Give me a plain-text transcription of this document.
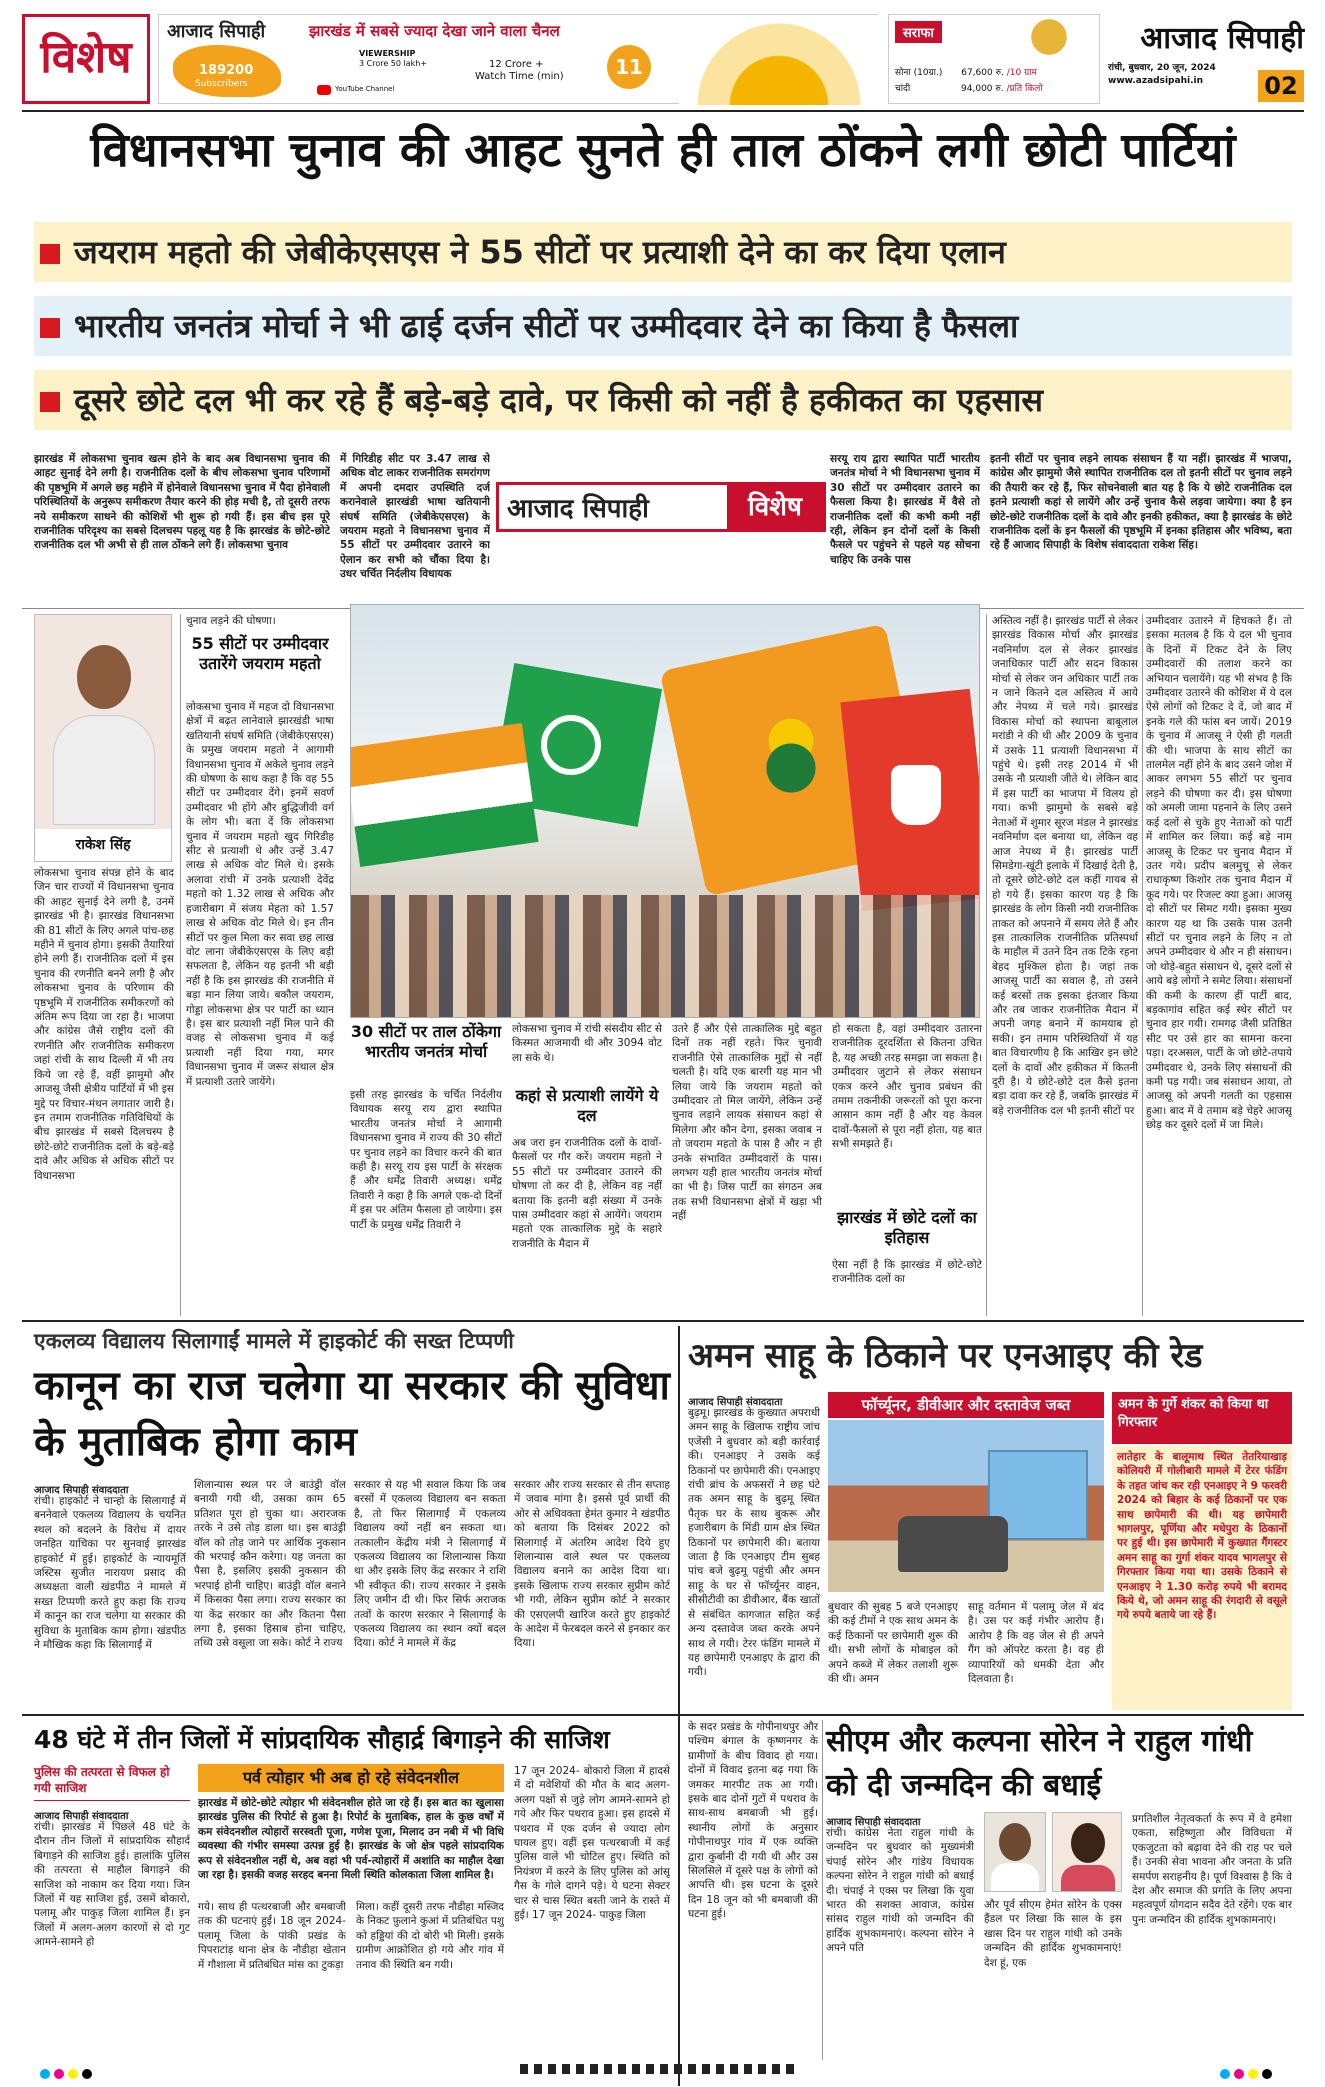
विशेष
आजाद सिपाही
189200
Subscribers
झारखंड में सबसे ज्यादा देखा जाने वाला चैनल
VIEWERSHIP
3 Crore 50 lakh+
YouTube Channel
12 Crore +
Watch Time (min)	11
सराफा
सोना (10ग्रा.) 67,600 रु. /10 ग्राम
चांदी	94,000 रु. /प्रति किलो
आजाद सिपाही
रांची, बुधवार, 20 जून, 2024
www.azadsipahi.in	02
विधानसभा चुनाव की आहट सुनते ही ताल ठोंकने लगी छोटी पार्टियां
जयराम महतो की जेबीकेएसएस ने 55 सीटों पर प्रत्याशी देने का कर दिया एलान
भारतीय जनतंत्र मोर्चा ने भी ढाई दर्जन सीटों पर उम्मीदवार देने का किया है फैसला
दूसरे छोटे दल भी कर रहे हैं बड़े-बड़े दावे, पर किसी को नहीं है हकीकत का एहसास
झारखंड में लोकसभा चुनाव खत्म होने के बाद अब विधानसभा चुनाव की आहट सुनाई देने लगी है। राजनीतिक दलों के बीच लोकसभा चुनाव परिणामों की पृष्ठभूमि में अगले छह महीने में होनेवाले विधानसभा चुनाव में पैदा होनेवाली परिस्थितियों के अनुरूप समीकरण तैयार करने की होड़ मची है, तो दूसरी तरफ नये समीकरण साधने की कोशिशें भी शुरू हो गयी हैं। इस बीच इस पूरे राजनीतिक परिदृश्य का सबसे दिलचस्प पहलू यह है कि झारखंड के छोटे-छोटे राजनीतिक दल भी अभी से ही ताल ठोंकने लगे हैं। लोकसभा चुनाव
में गिरिडीह सीट पर 3.47 लाख से अधिक वोट लाकर राजनीतिक समरांगण में अपनी दमदार उपस्थिति दर्ज करानेवाले झारखंडी भाषा खतियानी संघर्ष समिति (जेबीकेएसएस) के जयराम महतो ने विधानसभा चुनाव में 55 सीटों पर उम्मीदवार उतारने का ऐलान कर सभी को चौंका दिया है। उधर चर्चित निर्दलीय विधायक
आजाद सिपाही	विशेष
सरयू राय द्वारा स्थापित पार्टी भारतीय जनतंत्र मोर्चा ने भी विधानसभा चुनाव में 30 सीटों पर उम्मीदवार उतारने का फैसला किया है। झारखंड में वैसे तो राजनीतिक दलों की कभी कमी नहीं रही, लेकिन इन दोनों दलों के किसी फैसले पर पहुंचने से पहले यह सोचना चाहिए कि उनके पास
इतनी सीटों पर चुनाव लड़ने लायक संसाधन हैं या नहीं। झारखंड में भाजपा, कांग्रेस और झामुमो जैसे स्थापित राजनीतिक दल तो इतनी सीटों पर चुनाव लड़ने की तैयारी कर रहे हैं, फिर सोचनेवाली बात यह है कि ये छोटे राजनीतिक दल इतने प्रत्याशी कहां से लायेंगे और उन्हें चुनाव कैसे लड़वा जायेगा। क्या है इन छोटे-छोटे राजनीतिक दलों के दावे और इनकी हकीकत, क्या है झारखंड के छोटे राजनीतिक दलों के इन फैसलों की पृष्ठभूमि में इनका इतिहास और भविष्य, बता रहे हैं आजाद सिपाही के विशेष संवाददाता राकेश सिंह।
राकेश सिंह
लोकसभा चुनाव संपन्न होने के बाद जिन चार राज्यों में विधानसभा चुनाव की आहट सुनाई देने लगी है, उनमें झारखंड भी है। झारखंड विधानसभा की 81 सीटों के लिए अगले पांच-छह महीने में चुनाव होगा। इसकी तैयारियां होने लगी हैं। राजनीतिक दलों में इस चुनाव की रणनीति बनने लगी है और लोकसभा चुनाव के परिणाम की पृष्ठभूमि में राजनीतिक समीकरणों को अंतिम रूप दिया जा रहा है। भाजपा और कांग्रेस जैसे राष्ट्रीय दलों की रणनीति और राजनीतिक समीकरण जहां रांची के साथ दिल्ली में भी तय किये जा रहे हैं, वहीं झामुमो और आजसू जैसी क्षेत्रीय पार्टियों में भी इस मुद्दे पर विचार-मंथन लगातार जारी है। इन तमाम राजनीतिक गतिविधियों के बीच झारखंड में सबसे दिलचस्प है छोटे-छोटे राजनीतिक दलों के बड़े-बड़े दावे और अधिक से अधिक सीटों पर विधानसभा
चुनाव लड़ने की घोषणा।
55 सीटों पर उम्मीदवार उतारेंगे जयराम महतो
लोकसभा चुनाव में महज दो विधानसभा क्षेत्रों में बढ़त लानेवाले झारखंडी भाषा खतियानी संघर्ष समिति (जेबीकेएसएस) के प्रमुख जयराम महतो ने आगामी विधानसभा चुनाव में अकेले चुनाव लड़ने की घोषणा के साथ कहा है कि वह 55 सीटों पर उम्मीदवार देंगे। इनमें सवर्ण उम्मीदवार भी होंगे और बुद्धिजीवी वर्ग के लोग भी। बता दें कि लोकसभा चुनाव में जयराम महतो खुद गिरिडीह सीट से प्रत्याशी थे और उन्हें 3.47 लाख से अधिक वोट मिले थे। इसके अलावा रांची में उनके प्रत्याशी देवेंद्र महतो को 1.32 लाख से अधिक और हजारीबाग में संजय मेहता को 1.57 लाख से अधिक वोट मिले थे। इन तीन सीटों पर कुल मिला कर सवा छह लाख वोट लाना जेबीकेएसएस के लिए बड़ी सफलता है, लेकिन यह इतनी भी बड़ी नहीं है कि इस झारखंड की राजनीति में बड़ा मान लिया जाये। बकौल जयराम, गोड्डा लोकसभा क्षेत्र पर पार्टी का ध्यान है। इस बार प्रत्याशी नहीं मिल पाने की वजह से लोकसभा चुनाव में कई प्रत्याशी नहीं दिया गया, मगर विधानसभा चुनाव में जरूर संथाल क्षेत्र में प्रत्याशी उतारे जायेंगे।
30 सीटों पर ताल ठोंकेगा भारतीय जनतंत्र मोर्चा
इसी तरह झारखंड के चर्चित निर्दलीय विधायक सरयू राय द्वारा स्थापित भारतीय जनतंत्र मोर्चा ने आगामी विधानसभा चुनाव में राज्य की 30 सीटों पर चुनाव लड़ने का विचार करने की बात कही है। सरयू राय इस पार्टी के संरक्षक हैं और धर्मेंद्र तिवारी अध्यक्ष। धर्मेंद्र तिवारी ने कहा है कि अगले एक-दो दिनों में इस पर अंतिम फैसला हो जायेगा। इस पार्टी के प्रमुख धर्मेंद्र तिवारी ने
लोकसभा चुनाव में रांची संसदीय सीट से किस्मत आजमायी थी और 3094 वोट ला सके थे।
कहां से प्रत्याशी लायेंगे ये दल
अब जरा इन राजनीतिक दलों के दावों-फैसलों पर गौर करें। जयराम महतो ने 55 सीटों पर उम्मीदवार उतारने की घोषणा तो कर दी है, लेकिन वह नहीं बताया कि इतनी बड़ी संख्या में उनके पास उम्मीदवार कहां से आयेंगे। जयराम महतो एक तात्कालिक मुद्दे के सहारे राजनीति के मैदान में
उतरे हैं और ऐसे तात्कालिक मुद्दे बहुत दिनों तक नहीं रहते। फिर चुनावी राजनीति ऐसे तात्कालिक मुद्दों से नहीं चलती है। यदि एक बारगी यह मान भी लिया जाये कि जयराम महतो को उम्मीदवार तो मिल जायेंगे, लेकिन उन्हें चुनाव लड़ाने लायक संसाधन कहां से मिलेगा और कौन देगा, इसका जवाब न तो जयराम महतो के पास है और न ही उनके संभावित उम्मीदवारों के पास। लगभग यही हाल भारतीय जनतंत्र मोर्चा का भी है। जिस पार्टी का संगठन अब तक सभी विधानसभा क्षेत्रों में खड़ा भी नहीं
हो सकता है, वहां उम्मीदवार उतारना राजनीतिक दूरदर्शिता से कितना उचित है, यह अच्छी तरह समझा जा सकता है। उम्मीदवार जुटाने से लेकर संसाधन एकत्र करने और चुनाव प्रबंधन की तमाम तकनीकी जरूरतों को पूरा करना आसान काम नहीं है और यह केवल दावों-फैसलों से पूरा नहीं होता, यह बात सभी समझते हैं।
झारखंड में छोटे दलों का इतिहास
ऐसा नहीं है कि झारखंड में छोटे-छोटे राजनीतिक दलों का
अस्तित्व नहीं है। झारखंड पार्टी से लेकर झारखंड विकास मोर्चा और झारखंड नवनिर्माण दल से लेकर झारखंड जनाधिकार पार्टी और सदन विकास मोर्चा से लेकर जन अधिकार पार्टी तक न जाने कितने दल अस्तित्व में आये और नेपथ्य में चले गये। झारखंड विकास मोर्चा को स्थापना बाबूलाल मरांडी ने की थी और 2009 के चुनाव में उसके 11 प्रत्याशी विधानसभा में पहुंचे थे। इसी तरह 2014 में भी उसके नौ प्रत्याशी जीते थे। लेकिन बाद में इस पार्टी का भाजपा में विलय हो गया। कभी झामुमो के सबसे बड़े नेताओं में शुमार सूरज मंडल ने झारखंड नवनिर्माण दल बनाया था, लेकिन वह आज नेपथ्य में है। झारखंड पार्टी सिमडेगा-खूंटी इलाके में दिखाई देती है, तो दूसरे छोटे-छोटे दल कहीं गायब से हो गये हैं। इसका कारण यह है कि झारखंड के लोग किसी नयी राजनीतिक ताकत को अपनाने में समय लेते हैं और इस तात्कालिक राजनीतिक प्रतिस्पर्धा के माहौल में उतने दिन तक टिके रहना बेहद मुश्किल होता है। जहां तक आजसू पार्टी का सवाल है, तो उसने कई बरसों तक इसका इंतजार किया और तब जाकर राजनीतिक मैदान में अपनी जगह बनाने में कामयाब हो सकी। इन तमाम परिस्थितियों में यह बात विचारणीय है कि आखिर इन छोटे दलों के दावों और हकीकत में कितनी दूरी है। ये छोटे-छोटे दल कैसे इतना बड़ा दावा कर रहे हैं, जबकि झारखंड में बड़े राजनीतिक दल भी इतनी सीटों पर
उम्मीदवार उतारने में हिचकते हैं। तो इसका मतलब है कि ये दल भी चुनाव के दिनों में टिकट देने के लिए उम्मीदवारों की तलाश करने का अभियान चलायेंगे। यह भी संभव है कि उम्मीदवार उतारने की कोशिश में ये दल ऐसे लोगों को टिकट दे दें, जो बाद में इनके गले की फांस बन जायें। 2019 के चुनाव में आजसू ने ऐसी ही गलती की थी। भाजपा के साथ सीटों का तालमेल नहीं होने के बाद उसने जोश में आकर लगभग 55 सीटों पर चुनाव लड़ने की घोषणा कर दी। इस घोषणा को अमली जामा पहनाने के लिए उसने कई दलों से चुके हुए नेताओं को पार्टी में शामिल कर लिया। कई बड़े नाम आजसू के टिकट पर चुनाव मैदान में उतर गये। प्रदीप बलमुचू से लेकर राधाकृष्ण किशोर तक चुनाव मैदान में कूद गये। पर रिजल्ट क्या हुआ। आजसू दो सीटों पर सिमट गयी। इसका मुख्य कारण यह था कि उसके पास उतनी सीटों पर चुनाव लड़ने के लिए न तो अपने उम्मीदवार थे और न ही संसाधन। जो थोड़े-बहुत संसाधन थे, दूसरे दलों से आये बड़े लोगों ने समेट लिया। संसाधनों की कमी के कारण हीं पार्टी बाद, बड़कागांव सहित कई स्थेर सीटों पर चुनाव हार गयी। रामगढ़ जैसी प्रतिष्ठित सीट पर उसे हार का सामना करना पड़ा। दरअसल, पार्टी के जो छोटे-तपाये उम्मीदवार थे, उनके लिए संसाधनों की कमी पड़ गयी। जब संसाधन आया, तो आजसू को अपनी गलती का एहसास हुआ। बाद में वे तमाम बड़े चेहरे आजसू छोड़ कर दूसरे दलों में जा मिले।
एकलव्य विद्यालय सिलागाईं मामले में हाइकोर्ट की सख्त टिप्पणी
कानून का राज चलेगा या सरकार की सुविधा के मुताबिक होगा काम
आजाद सिपाही संवाददाता
रांची। हाइकोर्ट ने चान्हो के सिलागाईं में बननेवाले एकलव्य विद्यालय के चयनित स्थल को बदलने के विरोध में दायर जनहित याचिका पर सुनवाई झारखंड हाइकोर्ट में हुई। हाइकोर्ट के न्यायमूर्ति जस्टिस सुजीत नारायण प्रसाद की अध्यक्षता वाली खंडपीठ ने मामले में सख्त टिप्पणी करते हुए कहा कि राज्य में कानून का राज चलेगा या सरकार की सुविधा के मुताबिक काम होगा। खंडपीठ ने मौखिक कहा कि सिलागाईं में
शिलान्यास स्थल पर जे बाउंड्री वॉल बनायी गयी थी, उसका काम 65 प्रतिशत पूरा हो चुका था। अरारजक तरके ने उसे तोड़ डाला था। इस बाउंड्री वॉल को तोड़ जाने पर आर्थिक नुकसान की भरपाई कौन करेगा। यह जनता का पैसा है, इसलिए इसकी नुकसान की भरपाई होनी चाहिए। बाउंड्री वॉल बनाने में किसका पैसा लगा। राज्य सरकार का या केंद्र सरकार का और कितना पैसा लगा है, इसका हिसाब होना चाहिए, तथ्यि उसे वसूला जा सके। कोर्ट ने राज्य
सरकार से यह भी सवाल किया कि जब बरसों में एकलव्य विद्यालय बन सकता है, तो फिर सिलागाईं में एकलव्य विद्यालय क्यों नहीं बन सकता था। तत्कालीन केंद्रीय मंत्री ने सिलागाईं में एकलव्य विद्यालय का शिलान्यास किया था और इसके लिए केंद्र सरकार ने राशि भी स्वीकृत की। राज्य सरकार ने इसके लिए जमीन दी थी। फिर सिर्फ अराजक तत्वों के कारण सरकार ने सिलागाईं के एकलव्य विद्यालय का स्थान क्यों बदल दिया। कोर्ट ने मामले में केंद्र
सरकार और राज्य सरकार से तीन सप्ताह में जवाब मांगा है। इससे पूर्व प्रार्थी की ओर से अधिवक्ता हेमंत कुमार ने खंडपीठ को बताया कि दिसंबर 2022 को सिलागाईं में अंतरिम आदेश दिये हुए शिलान्यास वाले स्थल पर एकलव्य विद्यालय बनाने का आदेश दिया था। इसके खिलाफ राज्य सरकार सुप्रीम कोर्ट भी गयी, लेकिन सुप्रीम कोर्ट ने सरकार की एसएलपी खारिज करते हुए हाइकोर्ट के आदेश में फेरबदल करने से इनकार कर दिया।
अमन साहू के ठिकाने पर एनआइए की रेड
आजाद सिपाही संवाददाता
बुढ़मू। झारखंड के कुख्यात अपराधी अमन साहू के खिलाफ राष्ट्रीय जांच एजेंसी ने बुधवार को बड़ी कार्रवाई की। एनआइए ने उसके कई ठिकानों पर छापेमारी की। एनआइए रांची ब्रांच के अफसरों ने छह घंटे तक अमन साहू के बुढ़मू स्थित पैतृक घर के साथ बुकरू और हजारीबाग के मिंडी ग्राम क्षेत्र स्थित ठिकानों पर छापेमारी की। बताया जाता है कि एनआइए टीम सुबह पांच बजे बुढ़मू पहुंची और अमन साहू के घर से फॉर्च्यूनर वाहन, सीसीटीवी का डीवीआर, बैंक खातों से संबंधित कागजात सहित कई अन्य दस्तावेज जब्त करके अपने साथ ले गयी। टेरर फंडिंग मामले में यह छापेमारी एनआइए के द्वारा की गयी।
फॉर्च्यूनर, डीवीआर और दस्तावेज जब्त
बुधवार की सुबह 5 बजे एनआइए की कई टीमों ने एक साथ अमन के कई ठिकानों पर छापेमारी शुरू की थी। सभी लोगों के मोबाइल को अपने कब्जे में लेकर तलाशी शुरू की थी। अमन
साहू वर्तमान में पलामू जेल में बंद है। उस पर कई गंभीर आरोप हैं। आरोप है कि वह जेल से ही अपने गैंग को ऑपरेट करता है। वह ही व्यापारियों को धमकी देता और दिलवाता है।
अमन के गुर्गे शंकर को किया था गिरफ्तार
लातेहार के बालूमाथ स्थित तेतरियाखाड़ कोलियरी में गोलीबारी मामले में टेरर फंडिंग के तहत जांच कर रही एनआइए ने 9 फरवरी 2024 को बिहार के कई ठिकानों पर एक साथ छापेमारी की थी। यह छापेमारी भागलपुर, पूर्णिया और मधेपुरा के ठिकानों पर हुई थी। इस छापेमारी में कुख्यात गैंगस्टर अमन साहू का गुर्गा शंकर यादव भागलपुर से गिरफ्तार किया गया था। उसके ठिकाने से एनआइए ने 1.30 करोड़ रुपये भी बरामद किये थे, जो अमन साहू की रंगदारी से वसूले गये रुपये बताये जा रहे हैं।
48 घंटे में तीन जिलों में सांप्रदायिक सौहार्द्र बिगाड़ने की साजिश
पुलिस की तत्परता से विफल हो गयी साजिश
आजाद सिपाही संवाददाता
रांची। झारखंड में पिछले 48 घंटे के दौरान तीन जिलों में सांप्रदायिक सौहार्द बिगाड़ने की साजिश हुई। हालांकि पुलिस की तत्परता से माहौल बिगाड़ने की साजिश को नाकाम कर दिया गया। जिन जिलों में यह साजिश हुई, उसमें बोकारो, पलामू और पाकुड़ जिला शामिल हैं। इन जिलों में अलग-अलग कारणों से दो गुट आमने-सामने हो
पर्व त्योहार भी अब हो रहे संवेदनशील
झारखंड में छोटे-छोटे त्योहार भी संवेदनशील होते जा रहे हैं। इस बात का खुलासा झारखंड पुलिस की रिपोर्ट से हुआ है। रिपोर्ट के मुताबिक, हाल के कुछ वर्षों में कम संवेदनशील त्योहारों सरस्वती पूजा, गणेश पूजा, मिलाद उन नबी में भी विधि व्यवस्था की गंभीर समस्या उत्पन्न हुई है। झारखंड के जो क्षेत्र पहले सांप्रदायिक रूप से संवेदनशील नहीं थे, अब वहां भी पर्व-त्योहारों में अशांति का माहौल देखा जा रहा है। इसकी वजह सरहद बनना मिली स्थिति कोलकाता जिला शामिल है।
गये। साथ ही पत्थरबाजी और बमबाजी तक की घटनाएं हुईं। 18 जून 2024-पलामू जिला के पांकी प्रखंड के पिपराटांड़ थाना क्षेत्र के नौडीहा खेतान में गौशाला में प्रतिबंधित मांस का टुकड़ा
मिला। कहीं दूसरी तरफ नौडीहा मस्जिद के निकट फ़ुलाने कुआं में प्रतिबंधित पशु को हड्डियां की दो बोरी भी मिली। इसके ग्रामीण आक्रोशित हो गये और गांव में तनाव की स्थिति बन गयी।
17 जून 2024- बोकारो जिला में हादसे में दो मवेशियों की मौत के बाद अलग-अलग पक्षों से जुड़े लोग आमने-सामने हो गये और फिर पथराव हुआ। इस हादसे में पथराव में एक दर्जन से ज्यादा लोग घायल हुए। वहीं इस पत्थरबाजी में कई पुलिस वाले भी चोटिल हुए। स्थिति को नियंत्रण में करने के लिए पुलिस को आंसू गैस के गोले दागने पड़े। ये घटना सेक्टर चार से चास स्थित बस्ती जाने के रास्ते में हुई। 17 जून 2024- पाकुड़ जिला
सीएम और कल्पना सोरेन ने राहुल गांधी को दी जन्मदिन की बधाई
के सदर प्रखंड के गोपीनाथपुर और पश्चिम बंगाल के कृष्णनगर के ग्रामीणों के बीच विवाद हो गया। दोनों में विवाद इतना बढ़ गया कि जमकर मारपीट तक आ गयी। इसके बाद दोनों गुटों में पथराव के साथ-साथ बमबाजी भी हुई। स्थानीय लोगों के अनुसार गोपीनाथपुर गांव में एक व्यक्ति द्वारा कुर्बानी दी गयी थी और उस सिलसिले में दूसरे पक्ष के लोगों को आपत्ति थी। इस घटना के दूसरे दिन 18 जून को भी बमबाजी की घटना हुई।
आजाद सिपाही संवाददाता
रांची। कांग्रेस नेता राहुल गांधी के जन्मदिन पर बुधवार को मुख्यमंत्री चंपाई सोरेन और गांडेय विधायक कल्पना सोरेन ने राहुल गांधी को बधाई दी। चंपाई ने एक्स पर लिखा कि युवा भारत की सशक्त आवाज, कांग्रेस सांसद राहुल गांधी को जन्मदिन की हार्दिक शुभकामनाएं। कल्पना सोरेन ने अपने पति
और पूर्व सीएम हेमंत सोरेन के एक्स हैंडल पर लिखा कि साल के इस खास दिन पर राहुल गांधी को उनके जन्मदिन की हार्दिक शुभकामनाएं! देश हूं, एक
प्रगतिशील नेतृत्वकर्ता के रूप में वे हमेशा एकता, सहिष्णुता और विविधता में एकजुटता को बढ़ावा देने की राह पर चले हैं। उनकी सेवा भावना और जनता के प्रति समर्पण सराहनीय है। पूर्ण विश्वास है कि वे देश और समाज की प्रगति के लिए अपना महत्वपूर्ण योगदान सदैव देते रहेंगे। एक बार पुनः जन्मदिन की हार्दिक शुभकामनाएं।
